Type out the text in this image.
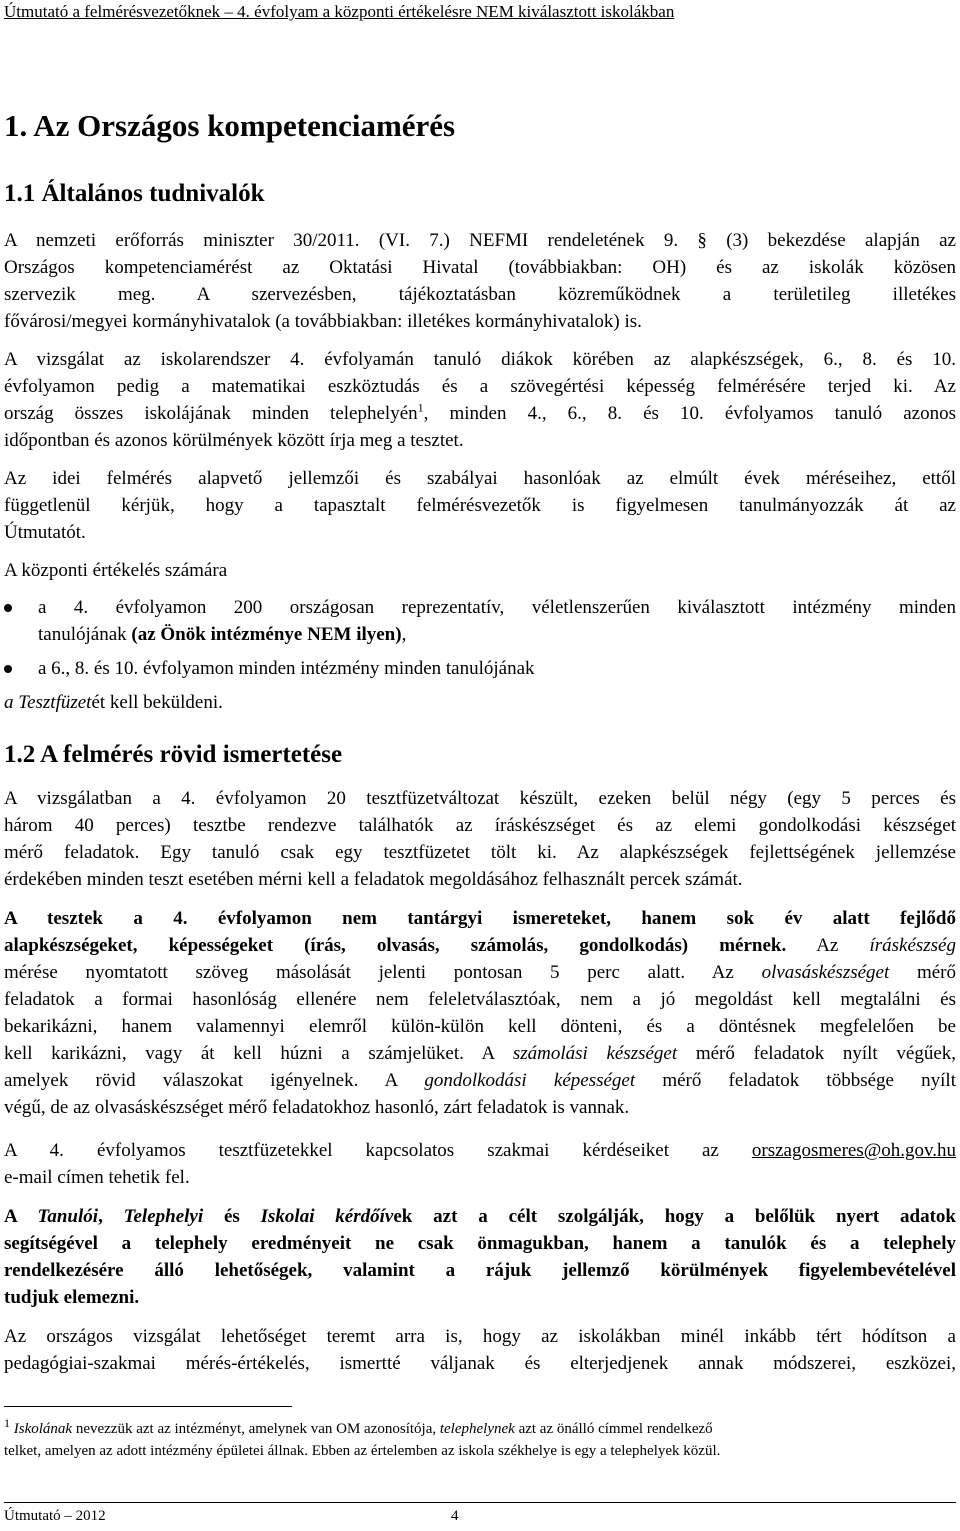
Útmutató a felmérésvezetőknek – 4. évfolyam a központi értékelésre NEM kiválasztott iskolákban
1. Az Országos kompetenciamérés
1.1 Általános tudnivalók
A nemzeti erőforrás miniszter 30/2011. (VI. 7.) NEFMI rendeletének 9. § (3) bekezdése alapján az
Országos kompetenciamérést az Oktatási Hivatal (továbbiakban: OH) és az iskolák közösen
szervezik meg. A szervezésben, tájékoztatásban közreműködnek a területileg illetékes
fővárosi/megyei kormányhivatalok (a továbbiakban: illetékes kormányhivatalok) is.
A vizsgálat az iskolarendszer 4. évfolyamán tanuló diákok körében az alapkészségek, 6., 8. és 10.
évfolyamon pedig a matematikai eszköztudás és a szövegértési képesség felmérésére terjed ki. Az
ország összes iskolájának minden telephelyén$^1$, minden 4., 6., 8. és 10. évfolyamos tanuló azonos
időpontban és azonos körülmények között írja meg a tesztet.
Az idei felmérés alapvető jellemzői és szabályai hasonlóak az elmúlt évek méréseihez, ettől
függetlenül kérjük, hogy a tapasztalt felmérésvezetők is figyelmesen tanulmányozzák át az
Útmutatót.
A központi értékelés számára
a 4. évfolyamon 200 országosan reprezentatív, véletlenszerűen kiválasztott intézmény minden
tanulójának (az Önök intézménye NEM ilyen),
a 6., 8. és 10. évfolyamon minden intézmény minden tanulójának
a Tesztfüzetét kell beküldeni.
1.2 A felmérés rövid ismertetése
A vizsgálatban a 4. évfolyamon 20 tesztfüzetváltozat készült, ezeken belül négy (egy 5 perces és
három 40 perces) tesztbe rendezve találhatók az íráskészséget és az elemi gondolkodási készséget
mérő feladatok. Egy tanuló csak egy tesztfüzetet tölt ki. Az alapkészségek fejlettségének jellemzése
érdekében minden teszt esetében mérni kell a feladatok megoldásához felhasznált percek számát.
A tesztek a 4. évfolyamon nem tantárgyi ismereteket, hanem sok év alatt fejlődő
alapkészségeket, képességeket (írás, olvasás, számolás, gondolkodás) mérnek. Az íráskészség
mérése nyomtatott szöveg másolását jelenti pontosan 5 perc alatt. Az olvasáskészséget mérő
feladatok a formai hasonlóság ellenére nem feleletválasztóak, nem a jó megoldást kell megtalálni és
bekarikázni, hanem valamennyi elemről külön-külön kell dönteni, és a döntésnek megfelelően be
kell karikázni, vagy át kell húzni a számjelüket. A számolási készséget mérő feladatok nyílt végűek,
amelyek rövid válaszokat igényelnek. A gondolkodási képességet mérő feladatok többsége nyílt
végű, de az olvasáskészséget mérő feladatokhoz hasonló, zárt feladatok is vannak.
A 4. évfolyamos tesztfüzetekkel kapcsolatos szakmai kérdéseiket az orszagosmeres@oh.gov.hu
e-mail címen tehetik fel.
A Tanulói, Telephelyi és Iskolai kérdőívek azt a célt szolgálják, hogy a belőlük nyert adatok
segítségével a telephely eredményeit ne csak önmagukban, hanem a tanulók és a telephely
rendelkezésére álló lehetőségek, valamint a rájuk jellemző körülmények figyelembevételével
tudjuk elemezni.
Az országos vizsgálat lehetőséget teremt arra is, hogy az iskolákban minél inkább tért hódítson a
pedagógiai-szakmai mérés-értékelés, ismertté váljanak és elterjedjenek annak módszerei, eszközei,
$^1$ Iskolának nevezzük azt az intézményt, amelynek van OM azonosítója, telephelynek azt az önálló címmel rendelkező
telket, amelyen az adott intézmény épületei állnak. Ebben az értelemben az iskola székhelye is egy a telephelyek közül.
Útmutató – 2012	4
